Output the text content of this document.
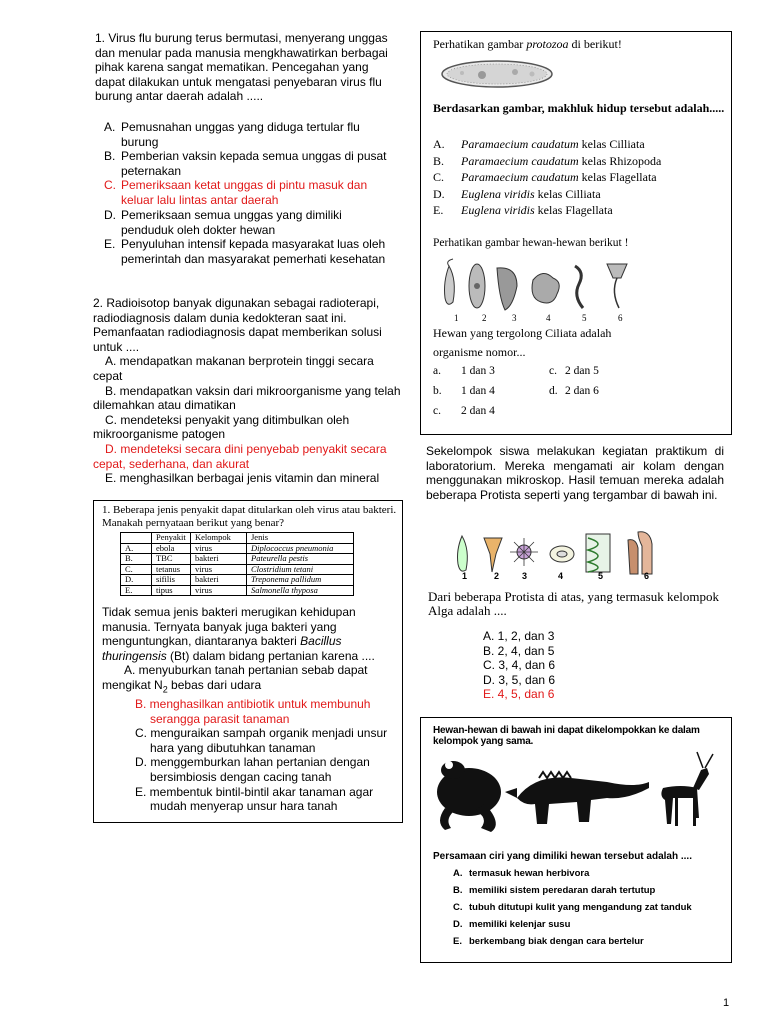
1. Virus flu burung terus bermutasi, menyerang unggas dan menular pada manusia mengkhawatirkan berbagai pihak karena sangat mematikan. Pencegahan yang dapat dilakukan untuk mengatasi penyebaran virus flu burung antar daerah adalah .....
A. Pemusnahan unggas yang diduga tertular flu burung
B. Pemberian vaksin kepada semua unggas di pusat peternakan
C. Pemeriksaan ketat unggas di pintu masuk dan keluar lalu lintas antar daerah
D. Pemeriksaan semua unggas yang dimiliki penduduk oleh dokter hewan
E. Penyuluhan intensif kepada masyarakat luas oleh pemerintah dan masyarakat pemerhati kesehatan

2. Radioisotop banyak digunakan sebagai radioterapi, radiodiagnosis dalam dunia kedokteran saat ini. Pemanfaatan radiodiagnosis dapat memberikan solusi untuk ....

A. mendapatkan makanan berprotein tinggi secara cepat

B. mendapatkan vaksin dari mikroorganisme yang telah dilemahkan atau dimatikan

C. mendeteksi penyakit yang ditimbulkan oleh mikroorganisme patogen

D. mendeteksi secara dini penyebab penyakit secara cepat, sederhana, dan akurat

E. menghasilkan berbagai jenis vitamin dan mineral

1. Beberapa jenis penyakit dapat ditularkan oleh virus atau bakteri. Manakah pernyataan berikut yang benar?
	Penyakit	Kelompok	Jenis
A.	ebola	virus	Diplococcus pneumonia
B.	TBC	bakteri	Pateurella pestis
C.	tetanus	virus	Clostridium tetani
D.	sifilis	bakteri	Treponema pallidum
E.	tipus	virus	Salmonella thyposa
Tidak semua jenis bakteri merugikan kehidupan manusia. Ternyata banyak juga bakteri yang menguntungkan, diantaranya bakteri Bacillus thuringensis (Bt) dalam bidang pertanian karena ....
A. menyuburkan tanah pertanian sebab dapat mengikat $N_2$ bebas dari udara
B. menghasilkan antibiotik untuk membunuh serangga parasit tanaman
C. menguraikan sampah organik menjadi unsur hara yang dibutuhkan tanaman
D. menggemburkan lahan pertanian dengan bersimbiosis dengan cacing tanah
E. membentuk bintil-bintil akar tanaman agar mudah menyerap unsur hara tanah
Perhatikan gambar protozoa di berikut!
Berdasarkan gambar, makhluk hidup tersebut adalah.....
A. Paramaecium caudatum kelas Cilliata
B. Paramaecium caudatum kelas Rhizopoda
C. Paramaecium caudatum kelas Flagellata
D. Euglena viridis kelas Cilliata
E. Euglena viridis kelas Flagellata
Perhatikan gambar hewan-hewan berikut !
1	2	3	4	5	6
Hewan yang tergolong Ciliata adalah organisme nomor...
a. 1 dan 3	c. 2 dan 5
b. 1 dan 4	d. 2 dan 6
c. 2 dan 4
Sekelompok siswa melakukan kegiatan praktikum di laboratorium. Mereka mengamati air kolam dengan menggunakan mikroskop. Hasil temuan mereka adalah beberapa Protista seperti yang tergambar di bawah ini.
1	2	3	4	5	6
Dari beberapa Protista di atas, yang termasuk kelompok Alga adalah ....
A. 1, 2, dan 3
B. 2, 4, dan 5
C. 3, 4, dan 6
D. 3, 5, dan 6
E. 4, 5, dan 6
Hewan-hewan di bawah ini dapat dikelompokkan ke dalam kelompok yang sama.
Persamaan ciri yang dimiliki hewan tersebut adalah ....
A. termasuk hewan herbivora
B. memiliki sistem peredaran darah tertutup
C. tubuh ditutupi kulit yang mengandung zat tanduk
D. memiliki kelenjar susu
E. berkembang biak dengan cara bertelur
1
